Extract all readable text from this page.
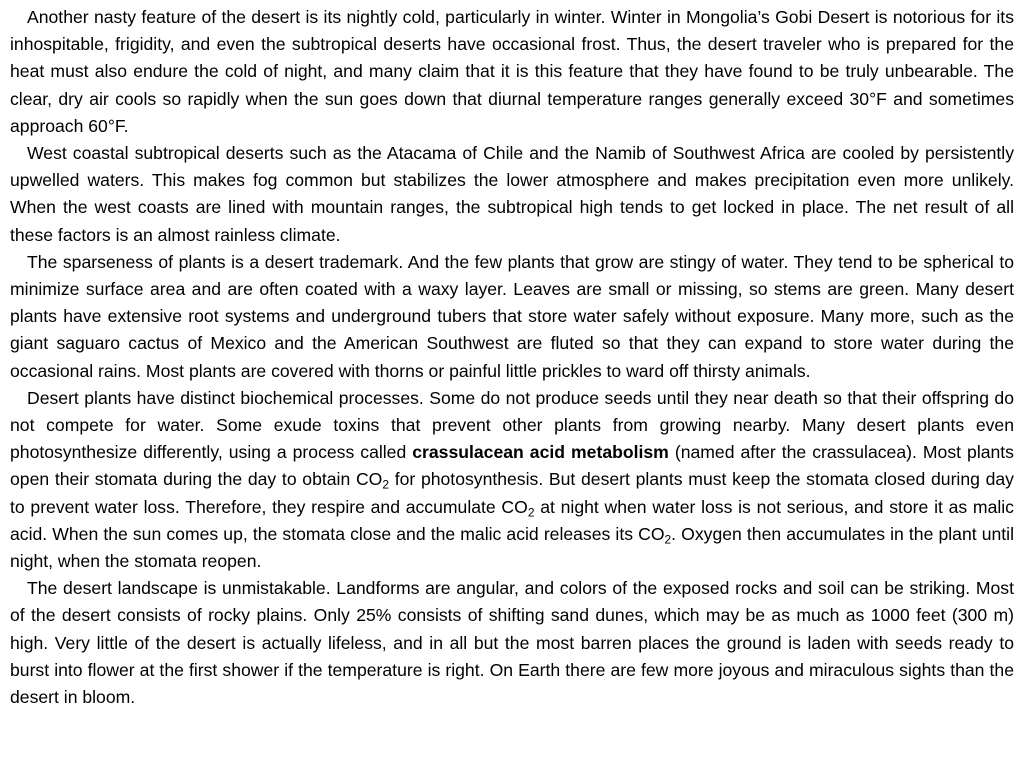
Another nasty feature of the desert is its nightly cold, particularly in winter. Winter in Mongolia’s Gobi Desert is notorious for its inhospitable, frigidity, and even the subtropical deserts have occasional frost. Thus, the desert traveler who is prepared for the heat must also endure the cold of night, and many claim that it is this feature that they have found to be truly unbearable. The clear, dry air cools so rapidly when the sun goes down that diurnal temperature ranges generally exceed 30°F and sometimes approach 60°F.

West coastal subtropical deserts such as the Atacama of Chile and the Namib of Southwest Africa are cooled by persistently upwelled waters. This makes fog common but stabilizes the lower atmosphere and makes precipitation even more unlikely. When the west coasts are lined with mountain ranges, the subtropical high tends to get locked in place. The net result of all these factors is an almost rainless climate.

The sparseness of plants is a desert trademark. And the few plants that grow are stingy of water. They tend to be spherical to minimize surface area and are often coated with a waxy layer. Leaves are small or missing, so stems are green. Many desert plants have extensive root systems and underground tubers that store water safely without exposure. Many more, such as the giant saguaro cactus of Mexico and the American Southwest are fluted so that they can expand to store water during the occasional rains. Most plants are covered with thorns or painful little prickles to ward off thirsty animals.

Desert plants have distinct biochemical processes. Some do not produce seeds until they near death so that their offspring do not compete for water. Some exude toxins that prevent other plants from growing nearby. Many desert plants even photosynthesize differently, using a process called crassulacean acid metabolism (named after the crassulacea). Most plants open their stomata during the day to obtain $CO_2$ for photosynthesis. But desert plants must keep the stomata closed during day to prevent water loss. Therefore, they respire and accumulate $CO_2$ at night when water loss is not serious, and store it as malic acid. When the sun comes up, the stomata close and the malic acid releases its $CO_2$. Oxygen then accumulates in the plant until night, when the stomata reopen.

The desert landscape is unmistakable. Landforms are angular, and colors of the exposed rocks and soil can be striking. Most of the desert consists of rocky plains. Only 25% consists of shifting sand dunes, which may be as much as 1000 feet (300 m) high. Very little of the desert is actually lifeless, and in all but the most barren places the ground is laden with seeds ready to burst into flower at the first shower if the temperature is right. On Earth there are few more joyous and miraculous sights than the desert in bloom.
